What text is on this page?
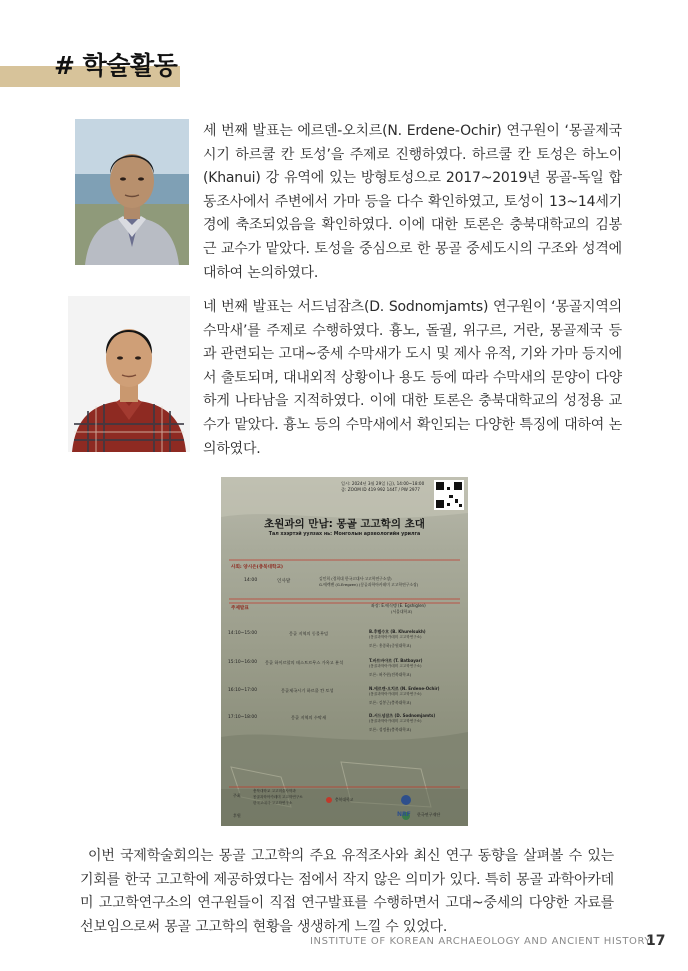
# 학술활동

세 번째 발표는 에르덴-오치르(N. Erdene-Ochir) 연구원이 ‘몽골제국시기 하르쿨 칸 토성’을 주제로 진행하였다. 하르쿨 칸 토성은 하노이(Khanui) 강 유역에 있는 방형토성으로 2017~2019년 몽골-독일 합동조사에서 주변에서 가마 등을 다수 확인하였고, 토성이 13~14세기경에 축조되었음을 확인하였다. 이에 대한 토론은 충북대학교의 김봉근 교수가 맡았다. 토성을 중심으로 한 몽골 중세도시의 구조와 성격에 대하여 논의하였다.

네 번째 발표는 서드넘잠츠(D. Sodnomjamts) 연구원이 ‘몽골지역의 수막새’를 주제로 수행하였다. 흉노, 돌궐, 위구르, 거란, 몽골제국 등과 관련되는 고대~중세 수막새가 도시 및 제사 유적, 기와 가마 등지에서 출토되며, 대내외적 상황이나 용도 등에 따라 수막새의 문양이 다양하게 나타남을 지적하였다. 이에 대한 토론은 충북대학교의 성정용 교수가 맡았다. 흉노 등의 수막새에서 확인되는 다양한 특징에 대하여 논의하였다.

일시: 2024년 3월 29일 (금), 14:00~18:00
줌: ZOOM ID 419 992 144T / PW 2977
초원과의 만남: 몽골 고고학의 초대
Тал хээртэй уулзах нь: Монголын археологийн урилга
사회: 양시은(충북대학교)
14:00	인사말
김인희 (경희대 한국고대사·고고학연구소장)
G.에렉젠 (G.Eregzen) (몽골과학아카데미 고고학연구소장)
주제발표
좌장: E.에식뎅 (E. Egshiglen)
(서울대학교)
14:10~15:00	몽골 지역의 동물무덤	B.후렐수흐 (B. Khurelsukh)
(몽골과학아카데미 고고학연구소)
토론: 홍종하(중원대학교)
15:10~16:00 몽골 하이르할의 테스트르무스 가옥고 분석	T.바트바야르 (T. Batbayar)
(몽골과학아카데미 고고학연구소)
토론: 허주현(전북대학교)
16:10~17:00	몽골제국시기 하르쿨 칸 토성	N.에르덴-오치르 (N. Erdene-Ochir)
(몽골과학아카데미 고고학연구소)
토론: 김봉근(충북대학교)
17:10~18:00	몽골 지역의 수막새	D.서드넘잠츠 (D. Sodnomjamts)
(몽골과학아카데미 고고학연구소)
토론: 성정용(충북대학교)
주최
충북대학교 고고미술사학과
몽골과학아카데미 고고학연구소
한국고대사·고고학연구소
후원
충북대학교
NRF 한국연구재단

이번 국제학술회의는 몽골 고고학의 주요 유적조사와 최신 연구 동향을 살펴볼 수 있는 기회를 한국 고고학에 제공하였다는 점에서 작지 않은 의미가 있다. 특히 몽골 과학아카데미 고고학연구소의 연구원들이 직접 연구발표를 수행하면서 고대~중세의 다양한 자료를 선보임으로써 몽골 고고학의 현황을 생생하게 느낄 수 있었다.

INSTITUTE OF KOREAN ARCHAEOLOGY AND ANCIENT HISTORY
17
